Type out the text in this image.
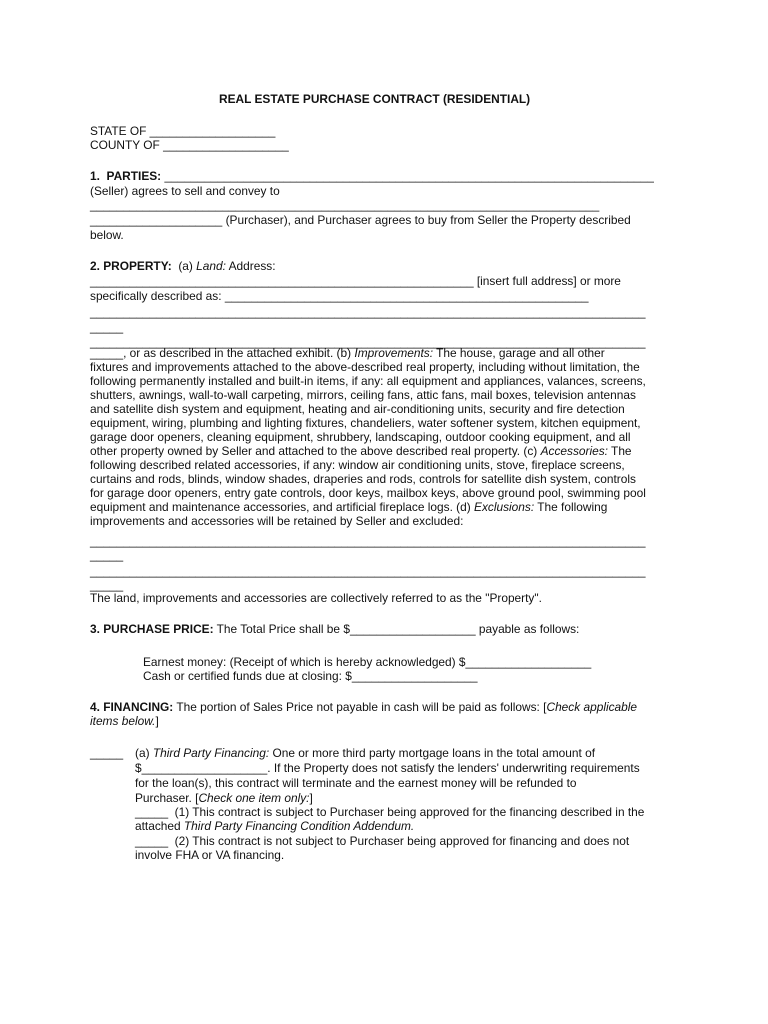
REAL ESTATE PURCHASE CONTRACT (RESIDENTIAL)
STATE OF ___________________
COUNTY OF ___________________
1.  PARTIES: __________________________________________________________________________
(Seller) agrees to sell and convey to
_____________________________________________________________________________
____________________ (Purchaser), and Purchaser agrees to buy from Seller the Property described
below.
2. PROPERTY:  (a) Land: Address:
__________________________________________________________ [insert full address] or more
specifically described as: _______________________________________________________
____________________________________________________________________________________
_____
____________________________________________________________________________________
_____, or as described in the attached exhibit. (b) Improvements: The house, garage and all other
fixtures and improvements attached to the above-described real property, including without limitation, the
following permanently installed and built-in items, if any: all equipment and appliances, valances, screens,
shutters, awnings, wall-to-wall carpeting, mirrors, ceiling fans, attic fans, mail boxes, television antennas
and satellite dish system and equipment, heating and air-conditioning units, security and fire detection
equipment, wiring, plumbing and lighting fixtures, chandeliers, water softener system, kitchen equipment,
garage door openers, cleaning equipment, shrubbery, landscaping, outdoor cooking equipment, and all
other property owned by Seller and attached to the above described real property. (c) Accessories: The
following described related accessories, if any: window air conditioning units, stove, fireplace screens,
curtains and rods, blinds, window shades, draperies and rods, controls for satellite dish system, controls
for garage door openers, entry gate controls, door keys, mailbox keys, above ground pool, swimming pool
equipment and maintenance accessories, and artificial fireplace logs. (d) Exclusions: The following
improvements and accessories will be retained by Seller and excluded:
____________________________________________________________________________________
_____
____________________________________________________________________________________
_____
The land, improvements and accessories are collectively referred to as the "Property".
3. PURCHASE PRICE: The Total Price shall be $___________________ payable as follows:
Earnest money: (Receipt of which is hereby acknowledged) $___________________
Cash or certified funds due at closing: $___________________
4. FINANCING: The portion of Sales Price not payable in cash will be paid as follows: [Check applicable
items below.]
_____ (a) Third Party Financing: One or more third party mortgage loans in the total amount of
$___________________. If the Property does not satisfy the lenders' underwriting requirements
for the loan(s), this contract will terminate and the earnest money will be refunded to
Purchaser. [Check one item only:]
_____  (1) This contract is subject to Purchaser being approved for the financing described in the
attached Third Party Financing Condition Addendum.
_____  (2) This contract is not subject to Purchaser being approved for financing and does not
involve FHA or VA financing.
